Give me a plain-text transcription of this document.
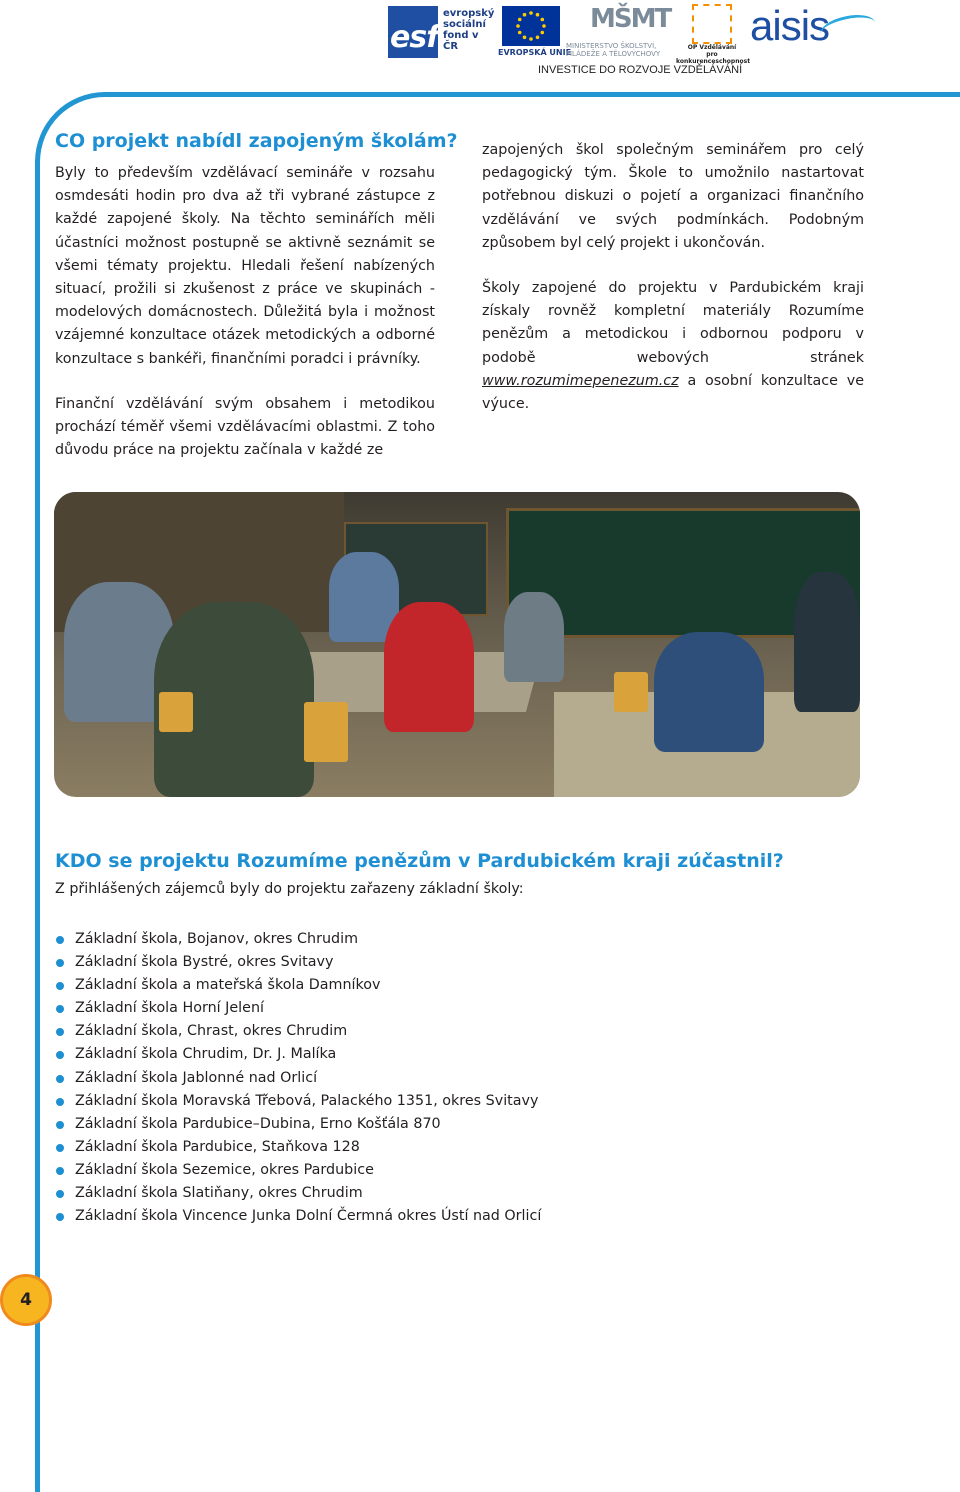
esf
evropský
sociální
fond v ČR
EVROPSKÁ UNIE
MŠMT
MINISTERSTVO ŠKOLSTVÍ,
MLÁDEŽE A TĚLOVÝCHOVY
OP Vzdělávání
pro konkurenceschopnost
aisis
INVESTICE DO ROZVOJE VZDĚLÁVÁNÍ
CO projekt nabídl zapojeným školám?

Byly to především vzdělávací semináře v rozsahu osmdesáti hodin pro dva až tři vybrané zástupce z každé zapojené školy. Na těchto seminářích měli účastníci možnost postupně se aktivně seznámit se všemi tématy projektu. Hledali řešení nabízených situací, prožili si zkušenost z práce ve skupinách - modelových domácnostech. Důležitá byla i možnost vzájemné konzultace otázek metodických a odborné konzultace s bankéři, finančními poradci i právníky.

Finanční vzdělávání svým obsahem i metodikou prochází téměř všemi vzdělávacími oblastmi. Z toho důvodu práce na projektu začínala v každé ze

zapojených škol společným seminářem pro celý pedagogický tým. Škole to umožnilo nastartovat potřebnou diskuzi o pojetí a organizaci finančního vzdělávání ve svých podmínkách. Podobným způsobem byl celý projekt i ukončován.

Školy zapojené do projektu v Pardubickém kraji získaly rovněž kompletní materiály Rozumíme penězům a metodickou i odbornou podporu v podobě webových stránek www.rozumimepenezum.cz a osobní konzultace ve výuce.

KDO se projektu Rozumíme penězům v Pardubickém kraji zúčastnil?
Z přihlášených zájemců byly do projektu zařazeny základní školy:
Základní škola, Bojanov, okres Chrudim
Základní škola Bystré, okres Svitavy
Základní škola a mateřská škola Damníkov
Základní škola Horní Jelení
Základní škola, Chrast, okres Chrudim
Základní škola Chrudim, Dr. J. Malíka
Základní škola Jablonné nad Orlicí
Základní škola Moravská Třebová, Palackého 1351, okres Svitavy
Základní škola Pardubice–Dubina, Erno Košťála 870
Základní škola Pardubice, Staňkova 128
Základní škola Sezemice, okres Pardubice
Základní škola Slatiňany, okres Chrudim
Základní škola Vincence Junka Dolní Čermná okres Ústí nad Orlicí
4
